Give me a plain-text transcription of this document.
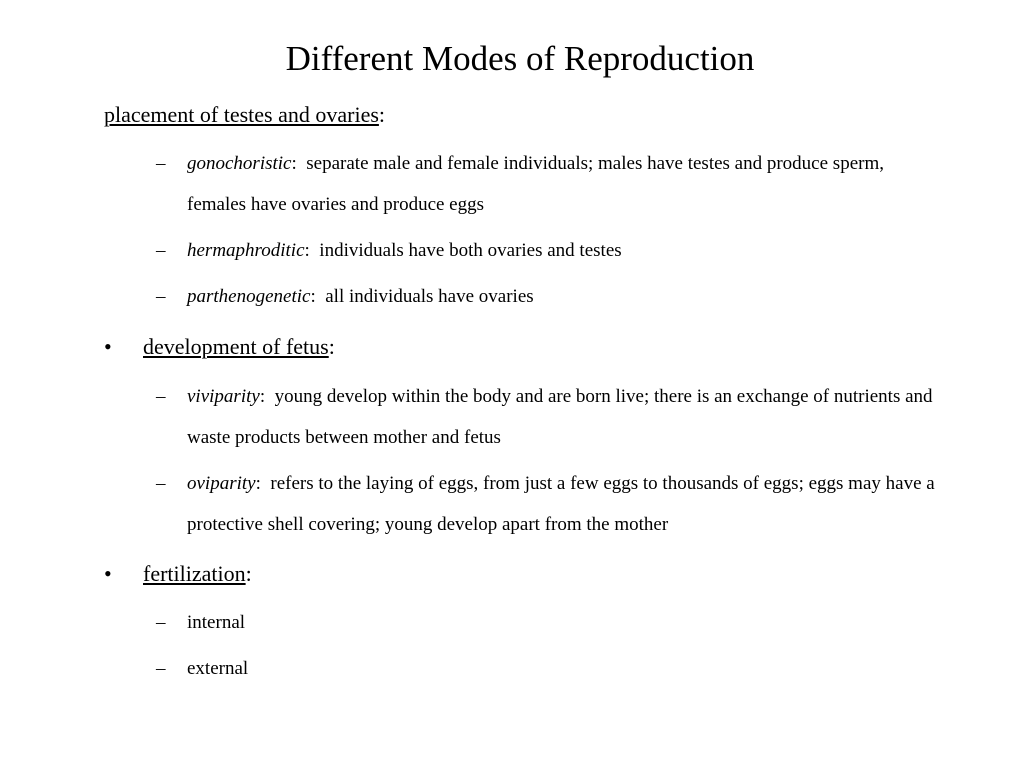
Different Modes of Reproduction
placement of testes and ovaries:
– gonochoristic:  separate male and female individuals; males have testes and produce sperm, females have ovaries and produce eggs
– hermaphroditic:  individuals have both ovaries and testes
– parthenogenetic:  all individuals have ovaries
• development of fetus:
– viviparity:  young develop within the body and are born live; there is an exchange of nutrients and waste products between mother and fetus
– oviparity:  refers to the laying of eggs, from just a few eggs to thousands of eggs; eggs may have a protective shell covering; young develop apart from the mother
• fertilization:
– internal
– external
